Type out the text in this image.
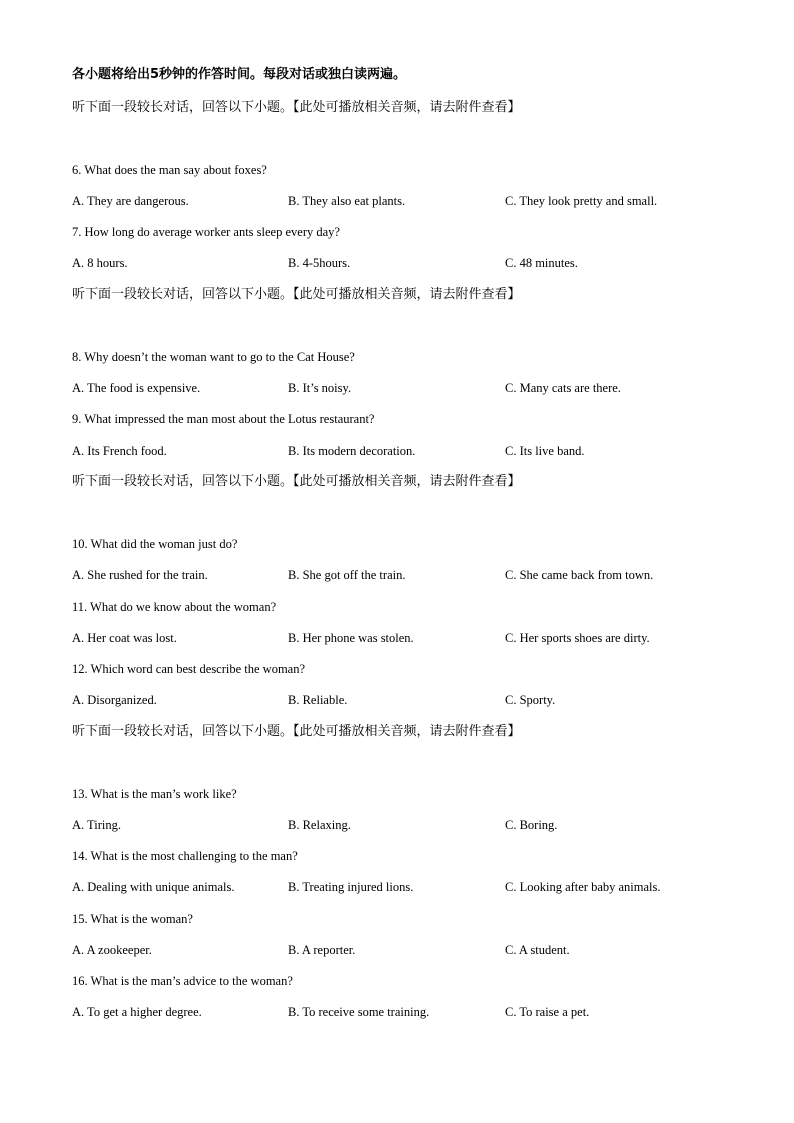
各小题将给出5秒钟的作答时间。每段对话或独白读两遍。
听下面一段较长对话，回答以下小题。【此处可播放相关音频，请去附件查看】
6. What does the man say about foxes?
A. They are dangerous.	B. They also eat plants.	C. They look pretty and small.
7. How long do average worker ants sleep every day?
A. 8 hours.	B. 4-5hours.	C. 48 minutes.
听下面一段较长对话，回答以下小题。【此处可播放相关音频，请去附件查看】
8. Why doesn’t the woman want to go to the Cat House?
A. The food is expensive.	B. It’s noisy.	C. Many cats are there.
9. What impressed the man most about the Lotus restaurant?
A. Its French food.	B. Its modern decoration.	C. Its live band.
听下面一段较长对话，回答以下小题。【此处可播放相关音频，请去附件查看】
10. What did the woman just do?
A. She rushed for the train.	B. She got off the train.	C. She came back from town.
11. What do we know about the woman?
A. Her coat was lost.	B. Her phone was stolen.	C. Her sports shoes are dirty.
12. Which word can best describe the woman?
A. Disorganized.	B. Reliable.	C. Sporty.
听下面一段较长对话，回答以下小题。【此处可播放相关音频，请去附件查看】
13. What is the man’s work like?
A. Tiring.	B. Relaxing.	C. Boring.
14. What is the most challenging to the man?
A. Dealing with unique animals.	B. Treating injured lions.	C. Looking after baby animals.
15. What is the woman?
A. A zookeeper.	B. A reporter.	C. A student.
16. What is the man’s advice to the woman?
A. To get a higher degree.	B. To receive some training.	C. To raise a pet.
